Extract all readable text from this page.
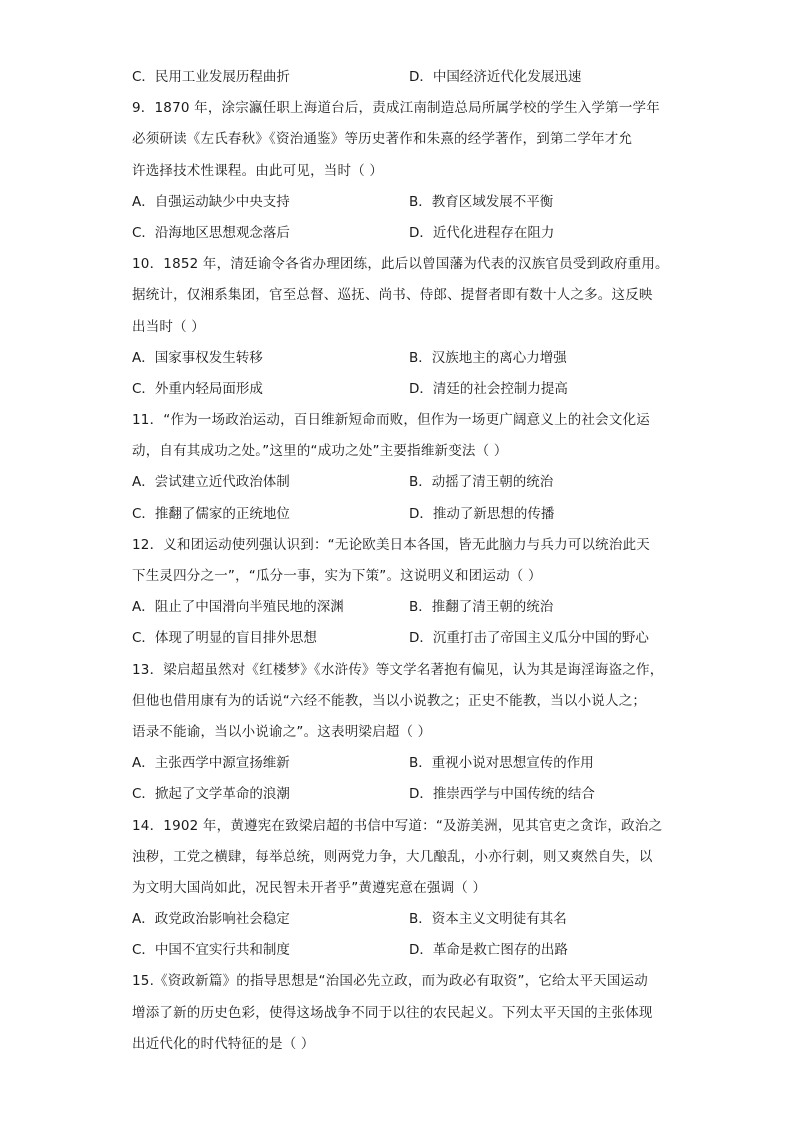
C．民用工业发展历程曲折	D．中国经济近代化发展迅速
9．1870 年，涂宗瀛任职上海道台后，责成江南制造总局所属学校的学生入学第一学年
必须研读《左氏春秋》《资治通鉴》等历史著作和朱熹的经学著作，到第二学年才允
许选择技术性课程。由此可见，当时（ ）
A．自强运动缺少中央支持	B．教育区域发展不平衡
C．沿海地区思想观念落后	D．近代化进程存在阻力
10．1852 年，清廷谕令各省办理团练，此后以曾国藩为代表的汉族官员受到政府重用。
据统计，仅湘系集团，官至总督、巡抚、尚书、侍郎、提督者即有数十人之多。这反映
出当时（ ）
A．国家事权发生转移	B．汉族地主的离心力增强
C．外重内轻局面形成	D．清廷的社会控制力提高
11．“作为一场政治运动，百日维新短命而败，但作为一场更广阔意义上的社会文化运
动，自有其成功之处。”这里的“成功之处”主要指维新变法（ ）
A．尝试建立近代政治体制	B．动摇了清王朝的统治
C．推翻了儒家的正统地位	D．推动了新思想的传播
12．义和团运动使列强认识到：“无论欧美日本各国，皆无此脑力与兵力可以统治此天
下生灵四分之一”，“瓜分一事，实为下策”。这说明义和团运动（ ）
A．阻止了中国滑向半殖民地的深渊	B．推翻了清王朝的统治
C．体现了明显的盲目排外思想	D．沉重打击了帝国主义瓜分中国的野心
13．梁启超虽然对《红楼梦》《水浒传》等文学名著抱有偏见，认为其是诲淫诲盗之作，
但他也借用康有为的话说“六经不能教，当以小说教之；正史不能教，当以小说人之；
语录不能谕，当以小说谕之”。这表明梁启超（ ）
A．主张西学中源宣扬维新	B．重视小说对思想宣传的作用
C．掀起了文学革命的浪潮	D．推崇西学与中国传统的结合
14．1902 年，黄遵宪在致梁启超的书信中写道：“及游美洲，见其官吏之贪诈，政治之
浊秽，工党之横肆，每举总统，则两党力争，大几酿乱，小亦行刺，则又爽然自失，以
为文明大国尚如此，况民智未开者乎”黄遵宪意在强调（ ）
A．政党政治影响社会稳定	B．资本主义文明徒有其名
C．中国不宜实行共和制度	D．革命是救亡图存的出路
15.《资政新篇》的指导思想是“治国必先立政，而为政必有取资”，它给太平天国运动
增添了新的历史色彩，使得这场战争不同于以往的农民起义。下列太平天国的主张体现
出近代化的时代特征的是（ ）
